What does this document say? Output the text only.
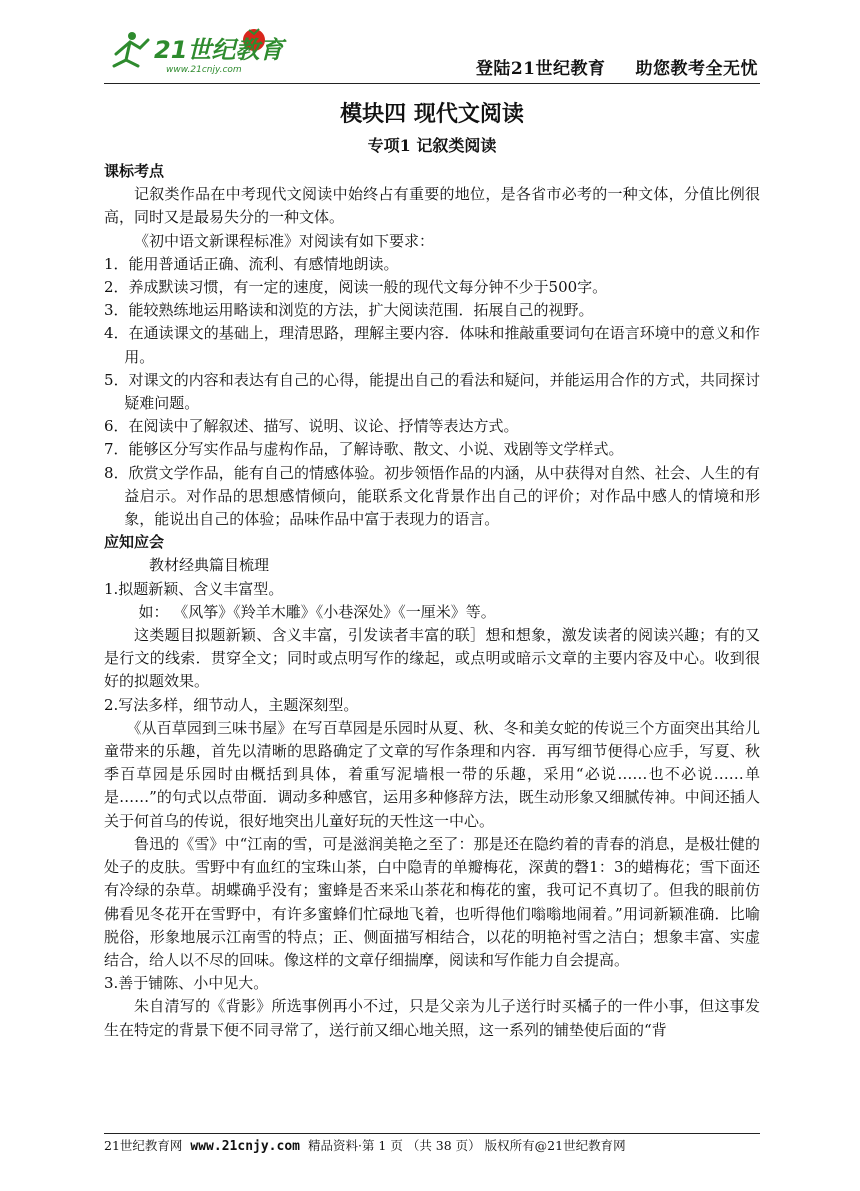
21世纪教育
www.21cnjy.com	登陆21世纪教育 助您教考全无忧
模块四 现代文阅读
专项1 记叙类阅读

课标考点

记叙类作品在中考现代文阅读中始终占有重要的地位，是各省市必考的一种文体，分值比例很高，同时又是最易失分的一种文体。

《初中语文新课程标准》对阅读有如下要求：

1．能用普通话正确、流利、有感情地朗读。

2．养成默读习惯，有一定的速度，阅读一般的现代文每分钟不少于500字。

3．能较熟练地运用略读和浏览的方法，扩大阅读范围．拓展自己的视野。

4．在通读课文的基础上，理清思路，理解主要内容．体味和推敲重要词句在语言环境中的意义和作用。

5．对课文的内容和表达有自己的心得，能提出自己的看法和疑问，并能运用合作的方式，共同探讨疑难问题。

6．在阅读中了解叙述、描写、说明、议论、抒情等表达方式。

7．能够区分写实作品与虚构作品，了解诗歌、散文、小说、戏剧等文学样式。

8．欣赏文学作品，能有自己的情感体验。初步领悟作品的内涵，从中获得对自然、社会、人生的有益启示。对作品的思想感情倾向，能联系文化背景作出自己的评价；对作品中感人的情境和形象，能说出自己的体验；品味作品中富于表现力的语言。

应知应会

教材经典篇目梳理

1.拟题新颖、含义丰富型。

如： 《风筝》《羚羊木雕》《小巷深处》《一厘米》等。

这类题目拟题新颖、含义丰富，引发读者丰富的联］想和想象，激发读者的阅读兴趣；有的又是行文的线索．贯穿全文；同时或点明写作的缘起，或点明或暗示文章的主要内容及中心。收到很好的拟题效果。

2.写法多样，细节动人，主题深刻型。

《从百草园到三味书屋》在写百草园是乐园时从夏、秋、冬和美女蛇的传说三个方面突出其给儿童带来的乐趣，首先以清晰的思路确定了文章的写作条理和内容．再写细节便得心应手，写夏、秋季百草园是乐园时由概括到具体，着重写泥墙根一带的乐趣，采用“必说……也不必说……单是……”的句式以点带面．调动多种感官，运用多种修辞方法，既生动形象又细腻传神。中间还插人关于何首乌的传说，很好地突出儿童好玩的天性这一中心。

鲁迅的《雪》中“江南的雪，可是滋润美艳之至了：那是还在隐约着的青春的消息，是极壮健的处子的皮肤。雪野中有血红的宝珠山茶，白中隐青的单瓣梅花，深黄的磬1：3的蜡梅花；雪下面还有冷绿的杂草。胡蝶确乎没有；蜜蜂是否来采山茶花和梅花的蜜，我可记不真切了。但我的眼前仿佛看见冬花开在雪野中，有许多蜜蜂们忙碌地飞着，也听得他们嗡嗡地闹着。”用词新颖准确．比喻脱俗，形象地展示江南雪的特点；正、侧面描写相结合，以花的明艳衬雪之洁白；想象丰富、实虚结合，给人以不尽的回味。像这样的文章仔细揣摩，阅读和写作能力自会提高。

3.善于铺陈、小中见大。

朱自清写的《背影》所选事例再小不过，只是父亲为儿子送行时买橘子的一件小事，但这事发生在特定的背景下便不同寻常了，送行前又细心地关照，这一系列的铺垫使后面的“背

21世纪教育网 www.21cnjy.com 精品资料·第 1 页 （共 38 页） 版权所有@21世纪教育网
